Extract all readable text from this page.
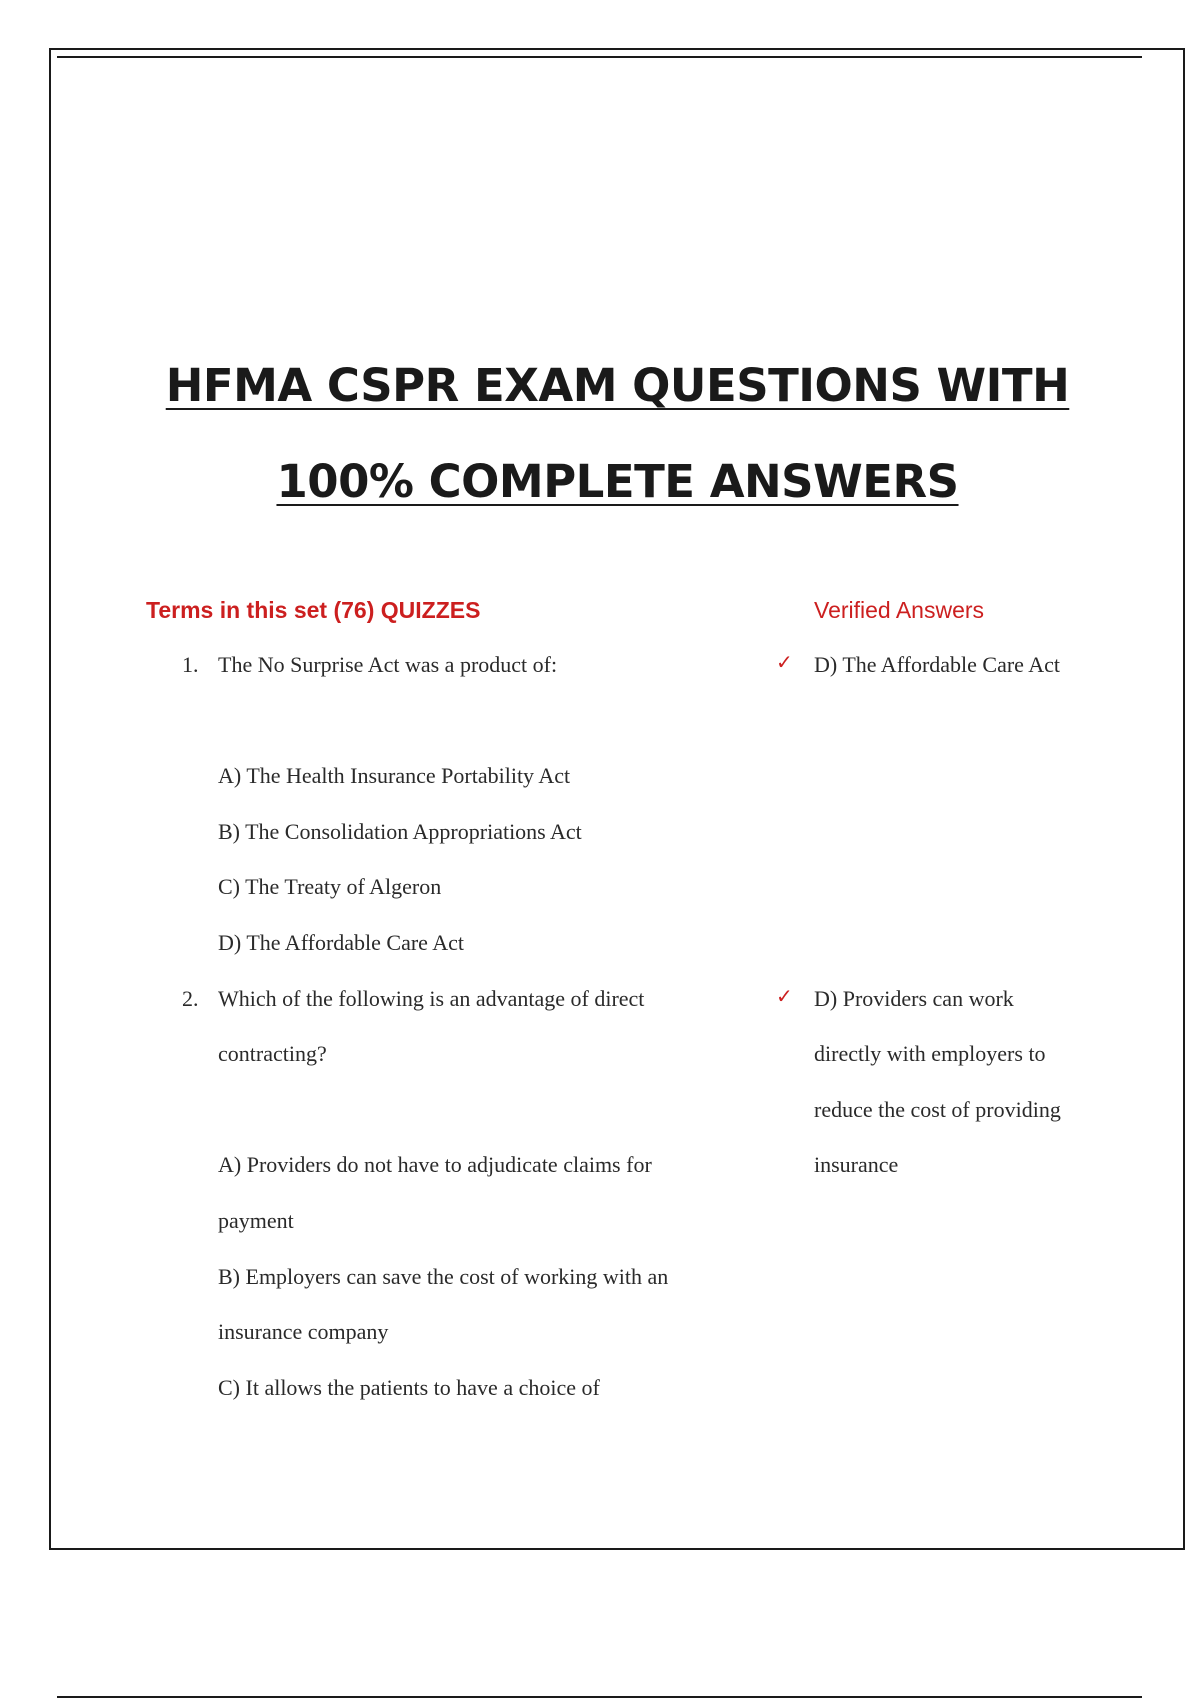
HFMA CSPR EXAM QUESTIONS WITH
100% COMPLETE ANSWERS
Terms in this set (76) QUIZZES	Verified Answers
1. The No Surprise Act was a product of:
A) The Health Insurance Portability Act
B) The Consolidation Appropriations Act
C) The Treaty of Algeron
D) The Affordable Care Act
✓ D) The Affordable Care Act
2. Which of the following is an advantage of direct
contracting?
A) Providers do not have to adjudicate claims for
payment
B) Employers can save the cost of working with an
insurance company
C) It allows the patients to have a choice of
✓ D) Providers can work
directly with employers to
reduce the cost of providing
insurance
